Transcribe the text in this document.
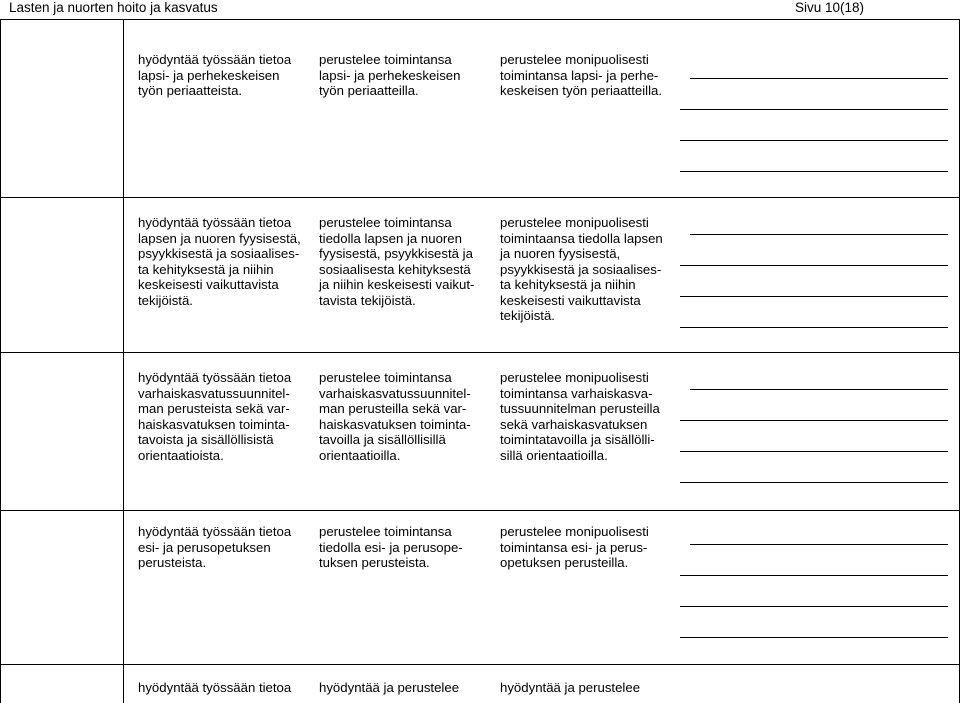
Lasten ja nuorten hoito ja kasvatus	Sivu 10(18)
hyödyntää työssään tietoa
lapsi- ja perhekeskeisen
työn periaatteista.
perustelee toimintansa
lapsi- ja perhekeskeisen
työn periaatteilla.
perustelee monipuolisesti
toimintansa lapsi- ja perhe-
keskeisen työn periaatteilla.
hyödyntää työssään tietoa
lapsen ja nuoren fyysisestä,
psyykkisestä ja sosiaalises-
ta kehityksestä ja niihin
keskeisesti vaikuttavista
tekijöistä.
perustelee toimintansa
tiedolla lapsen ja nuoren
fyysisestä, psyykkisestä ja
sosiaalisesta kehityksestä
ja niihin keskeisesti vaikut-
tavista tekijöistä.
perustelee monipuolisesti
toimintaansa tiedolla lapsen
ja nuoren fyysisestä,
psyykkisestä ja sosiaalises-
ta kehityksestä ja niihin
keskeisesti vaikuttavista
tekijöistä.
hyödyntää työssään tietoa
varhaiskasvatussuunnitel-
man perusteista sekä var-
haiskasvatuksen toiminta-
tavoista ja sisällöllisistä
orientaatioista.
perustelee toimintansa
varhaiskasvatussuunnitel-
man perusteilla sekä var-
haiskasvatuksen toiminta-
tavoilla ja sisällöllisillä
orientaatioilla.
perustelee monipuolisesti
toimintansa varhaiskasva-
tussuunnitelman perusteilla
sekä varhaiskasvatuksen
toimintatavoilla ja sisällölli-
sillä orientaatioilla.
hyödyntää työssään tietoa
esi- ja perusopetuksen
perusteista.
perustelee toimintansa
tiedolla esi- ja perusope-
tuksen perusteista.
perustelee monipuolisesti
toimintansa esi- ja perus-
opetuksen perusteilla.
hyödyntää työssään tietoa hyödyntää ja perustelee	hyödyntää ja perustelee
